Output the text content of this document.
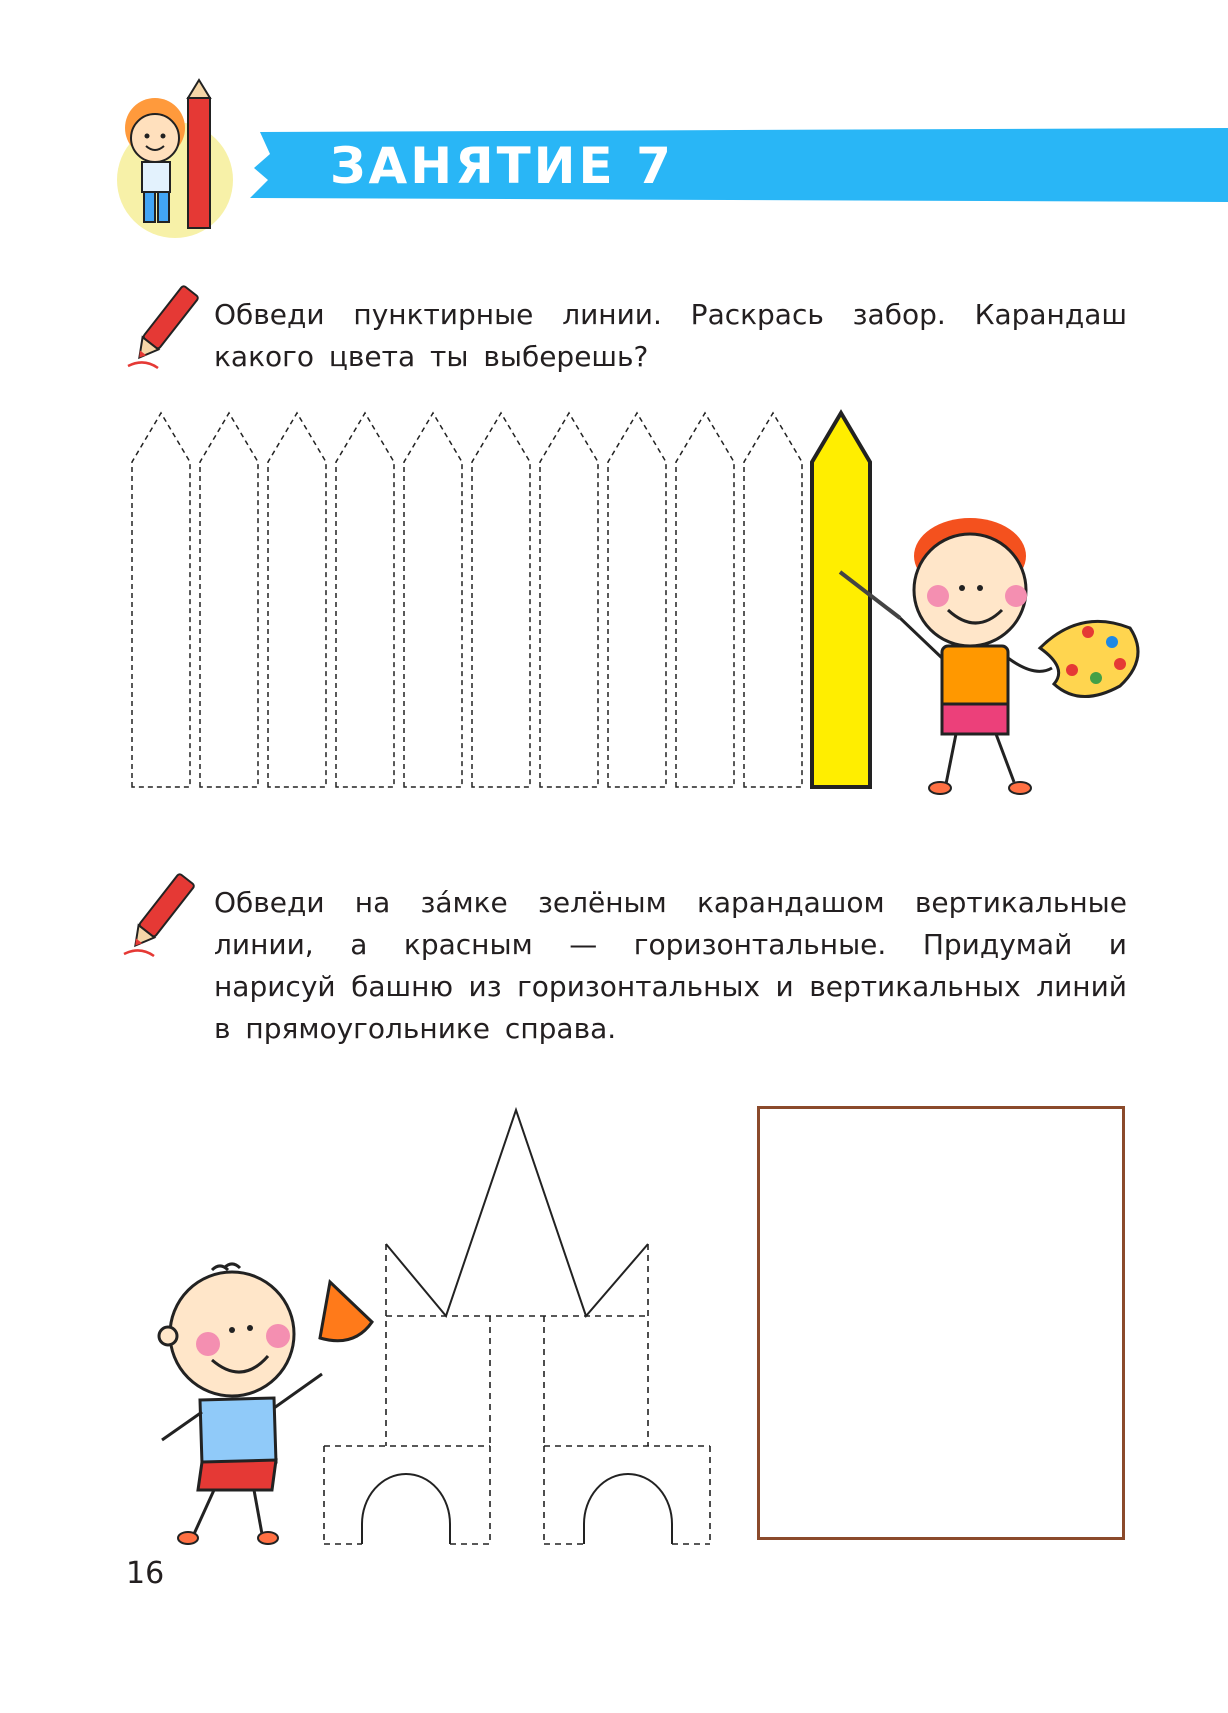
ЗАНЯТИЕ 7
Обведи пунктирные линии. Раскрась забор. Карандаш какого цвета ты выберешь?
Обведи на за́мке зелёным карандашом вертикальные линии, а красным — горизонтальные. Придумай и нарисуй башню из горизонтальных и вертикальных линий в прямоугольнике справа.
16
